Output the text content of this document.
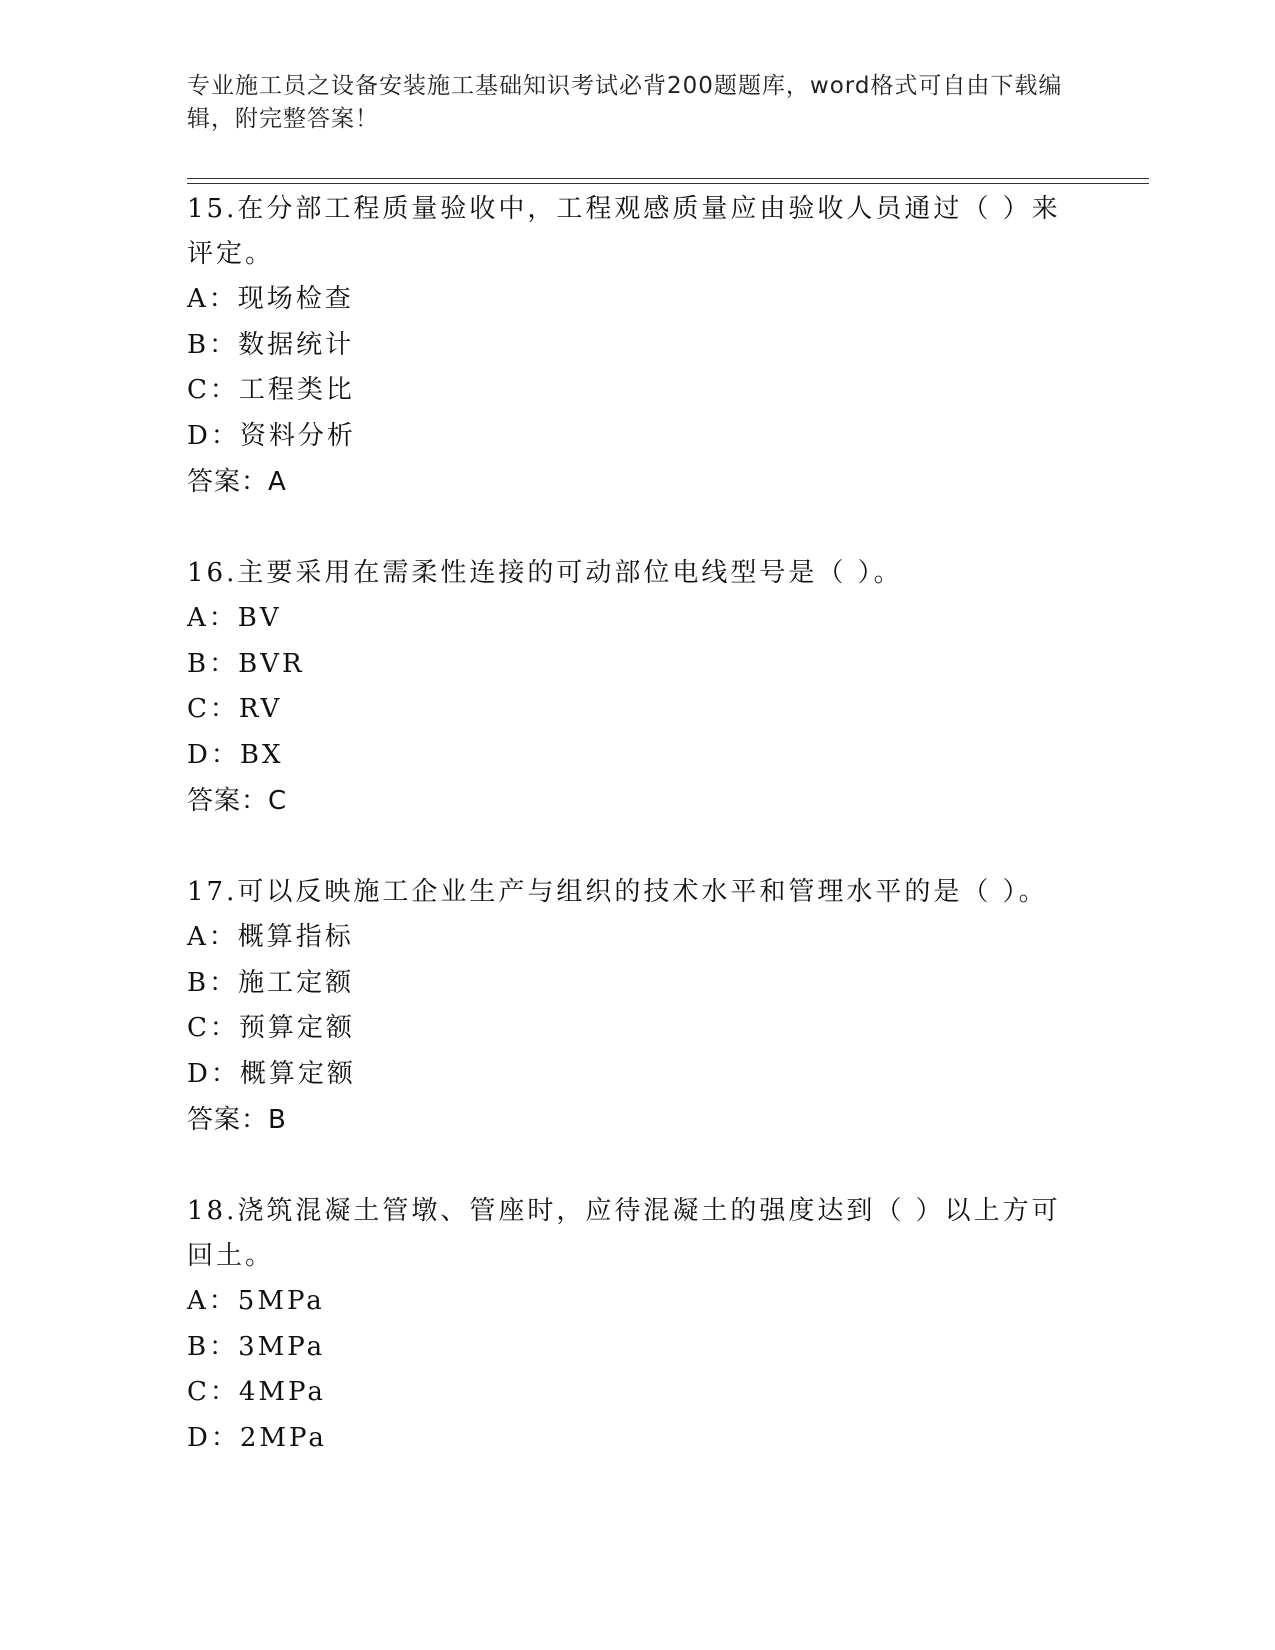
专业施工员之设备安装施工基础知识考试必背200题题库，word格式可自由下载编辑，附完整答案！
15.在分部工程质量验收中，工程观感质量应由验收人员通过（ ）来评定。
A：现场检查
B：数据统计
C：工程类比
D：资料分析
答案：A
16.主要采用在需柔性连接的可动部位电线型号是（ ）。
A：BV
B：BVR
C：RV
D：BX
答案：C
17.可以反映施工企业生产与组织的技术水平和管理水平的是（ ）。
A：概算指标
B：施工定额
C：预算定额
D：概算定额
答案：B
18.浇筑混凝土管墩、管座时，应待混凝土的强度达到（ ）以上方可回土。
A：5MPa
B：3MPa
C：4MPa
D：2MPa
